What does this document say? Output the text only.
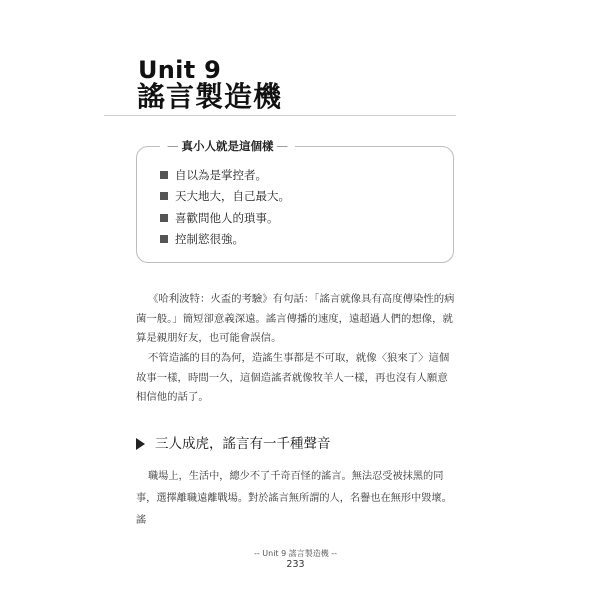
Unit 9
謠言製造機
— 真小人就是這個樣 —
自以為是掌控者。
天大地大，自己最大。
喜歡問他人的瑣事。
控制慾很強。
《哈利波特：火盃的考驗》有句話：「謠言就像具有高度傳染性的病菌一般。」簡短卻意義深遠。謠言傳播的速度，遠超過人們的想像，就算是親朋好友，也可能會誤信。
不管造謠的目的為何，造謠生事都是不可取，就像〈狼來了〉這個故事一樣，時間一久，這個造謠者就像牧羊人一樣，再也沒有人願意相信他的話了。
三人成虎，謠言有一千種聲音
職場上，生活中，總少不了千奇百怪的謠言。無法忍受被抹黑的同事，選擇離職遠離戰場。對於謠言無所謂的人，名譽也在無形中毀壞。謠
-- Unit 9 謠言製造機 --
233
